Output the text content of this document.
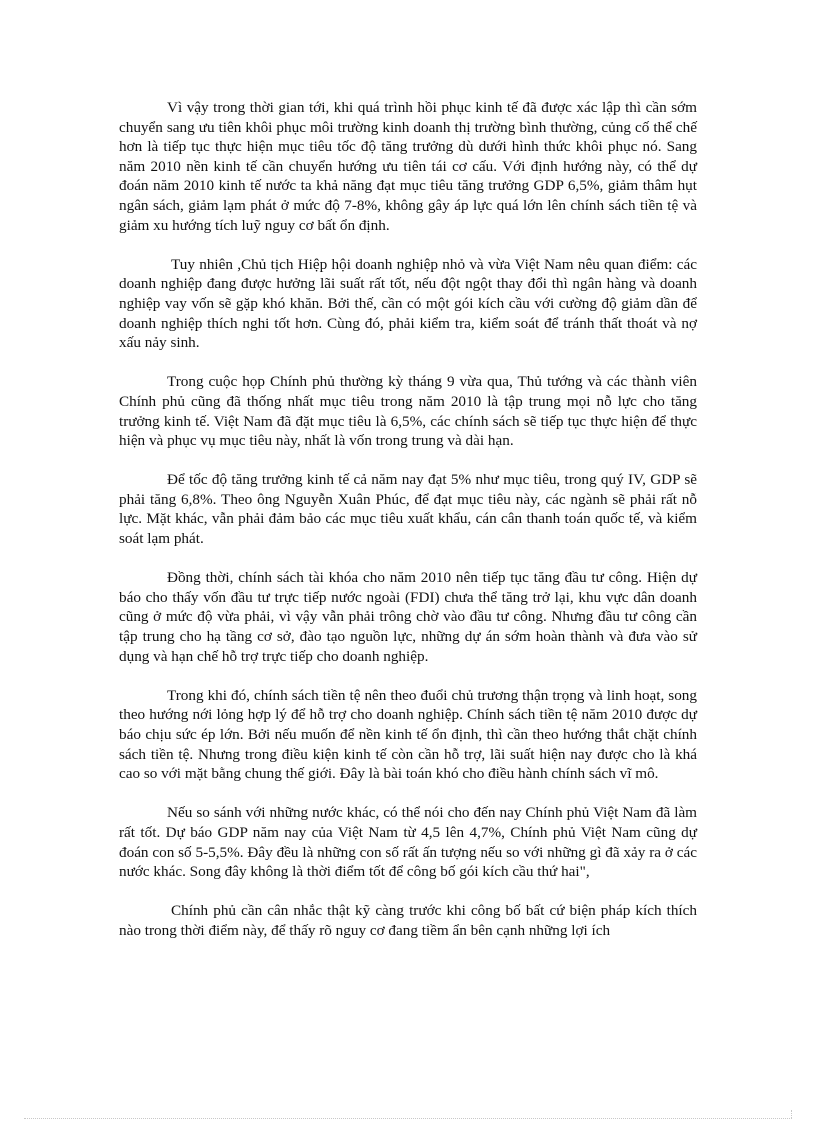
Vì vậy trong thời gian tới, khi quá trình hồi phục kinh tế đã được xác lập thì cần sớm chuyển sang ưu tiên khôi phục môi trường kinh doanh thị trường bình thường, củng cố thể chế hơn là tiếp tục thực hiện mục tiêu tốc độ tăng trưởng dù dưới hình thức khôi phục nó. Sang năm 2010 nền kinh tế cần chuyển hướng ưu tiên tái cơ cấu. Với định hướng này, có thể dự đoán năm 2010 kinh tế nước ta khả năng đạt mục tiêu tăng trưởng GDP 6,5%, giảm thâm hụt ngân sách, giảm lạm phát ở mức độ 7-8%, không gây áp lực quá lớn lên chính sách tiền tệ và giảm xu hướng tích luỹ nguy cơ bất ổn định.

Tuy nhiên ,Chủ tịch Hiệp hội doanh nghiệp nhỏ và vừa Việt Nam nêu quan điểm: các doanh nghiệp đang được hưởng lãi suất rất tốt, nếu đột ngột thay đổi thì ngân hàng và doanh nghiệp vay vốn sẽ gặp khó khăn. Bởi thế, cần có một gói kích cầu với cường độ giảm dần để doanh nghiệp thích nghi tốt hơn. Cùng đó, phải kiểm tra, kiểm soát để tránh thất thoát và nợ xấu nảy sinh.

Trong cuộc họp Chính phủ thường kỳ tháng 9 vừa qua, Thủ tướng và các thành viên Chính phủ cũng đã thống nhất mục tiêu trong năm 2010 là tập trung mọi nỗ lực cho tăng trưởng kinh tế. Việt Nam đã đặt mục tiêu là 6,5%, các chính sách sẽ tiếp tục thực hiện để thực hiện và phục vụ mục tiêu này, nhất là vốn trong trung và dài hạn.

Để tốc độ tăng trưởng kinh tế cả năm nay đạt 5% như mục tiêu, trong quý IV, GDP sẽ phải tăng 6,8%. Theo ông Nguyễn Xuân Phúc, để đạt mục tiêu này, các ngành sẽ phải rất nỗ lực. Mặt khác, vẫn phải đảm bảo các mục tiêu xuất khẩu, cán cân thanh toán quốc tế, và kiểm soát lạm phát.

Đồng thời, chính sách tài khóa cho năm 2010 nên tiếp tục tăng đầu tư công. Hiện dự báo cho thấy vốn đầu tư trực tiếp nước ngoài (FDI) chưa thể tăng trở lại, khu vực dân doanh cũng ở mức độ vừa phải, vì vậy vẫn phải trông chờ vào đầu tư công. Nhưng đầu tư công cần tập trung cho hạ tầng cơ sở, đào tạo nguồn lực, những dự án sớm hoàn thành và đưa vào sử dụng và hạn chế hỗ trợ trực tiếp cho doanh nghiệp.

Trong khi đó, chính sách tiền tệ nên theo đuổi chủ trương thận trọng và linh hoạt, song theo hướng nới lỏng hợp lý để hỗ trợ cho doanh nghiệp. Chính sách tiền tệ năm 2010 được dự báo chịu sức ép lớn. Bởi nếu muốn để nền kinh tế ổn định, thì cần theo hướng thắt chặt chính sách tiền tệ. Nhưng trong điều kiện kinh tế còn cần hỗ trợ, lãi suất hiện nay được cho là khá cao so với mặt bằng chung thế giới. Đây là bài toán khó cho điều hành chính sách vĩ mô.

Nếu so sánh với những nước khác, có thể nói cho đến nay Chính phủ Việt Nam đã làm rất tốt. Dự báo GDP năm nay của Việt Nam từ 4,5 lên 4,7%, Chính phủ Việt Nam cũng dự đoán con số 5-5,5%. Đây đều là những con số rất ấn tượng nếu so với những gì đã xảy ra ở các nước khác. Song đây không là thời điểm tốt để công bố gói kích cầu thứ hai",

Chính phủ cần cân nhắc thật kỹ càng trước khi công bố bất cứ biện pháp kích thích nào trong thời điểm này, để thấy rõ nguy cơ đang tiềm ẩn bên cạnh những lợi ích
